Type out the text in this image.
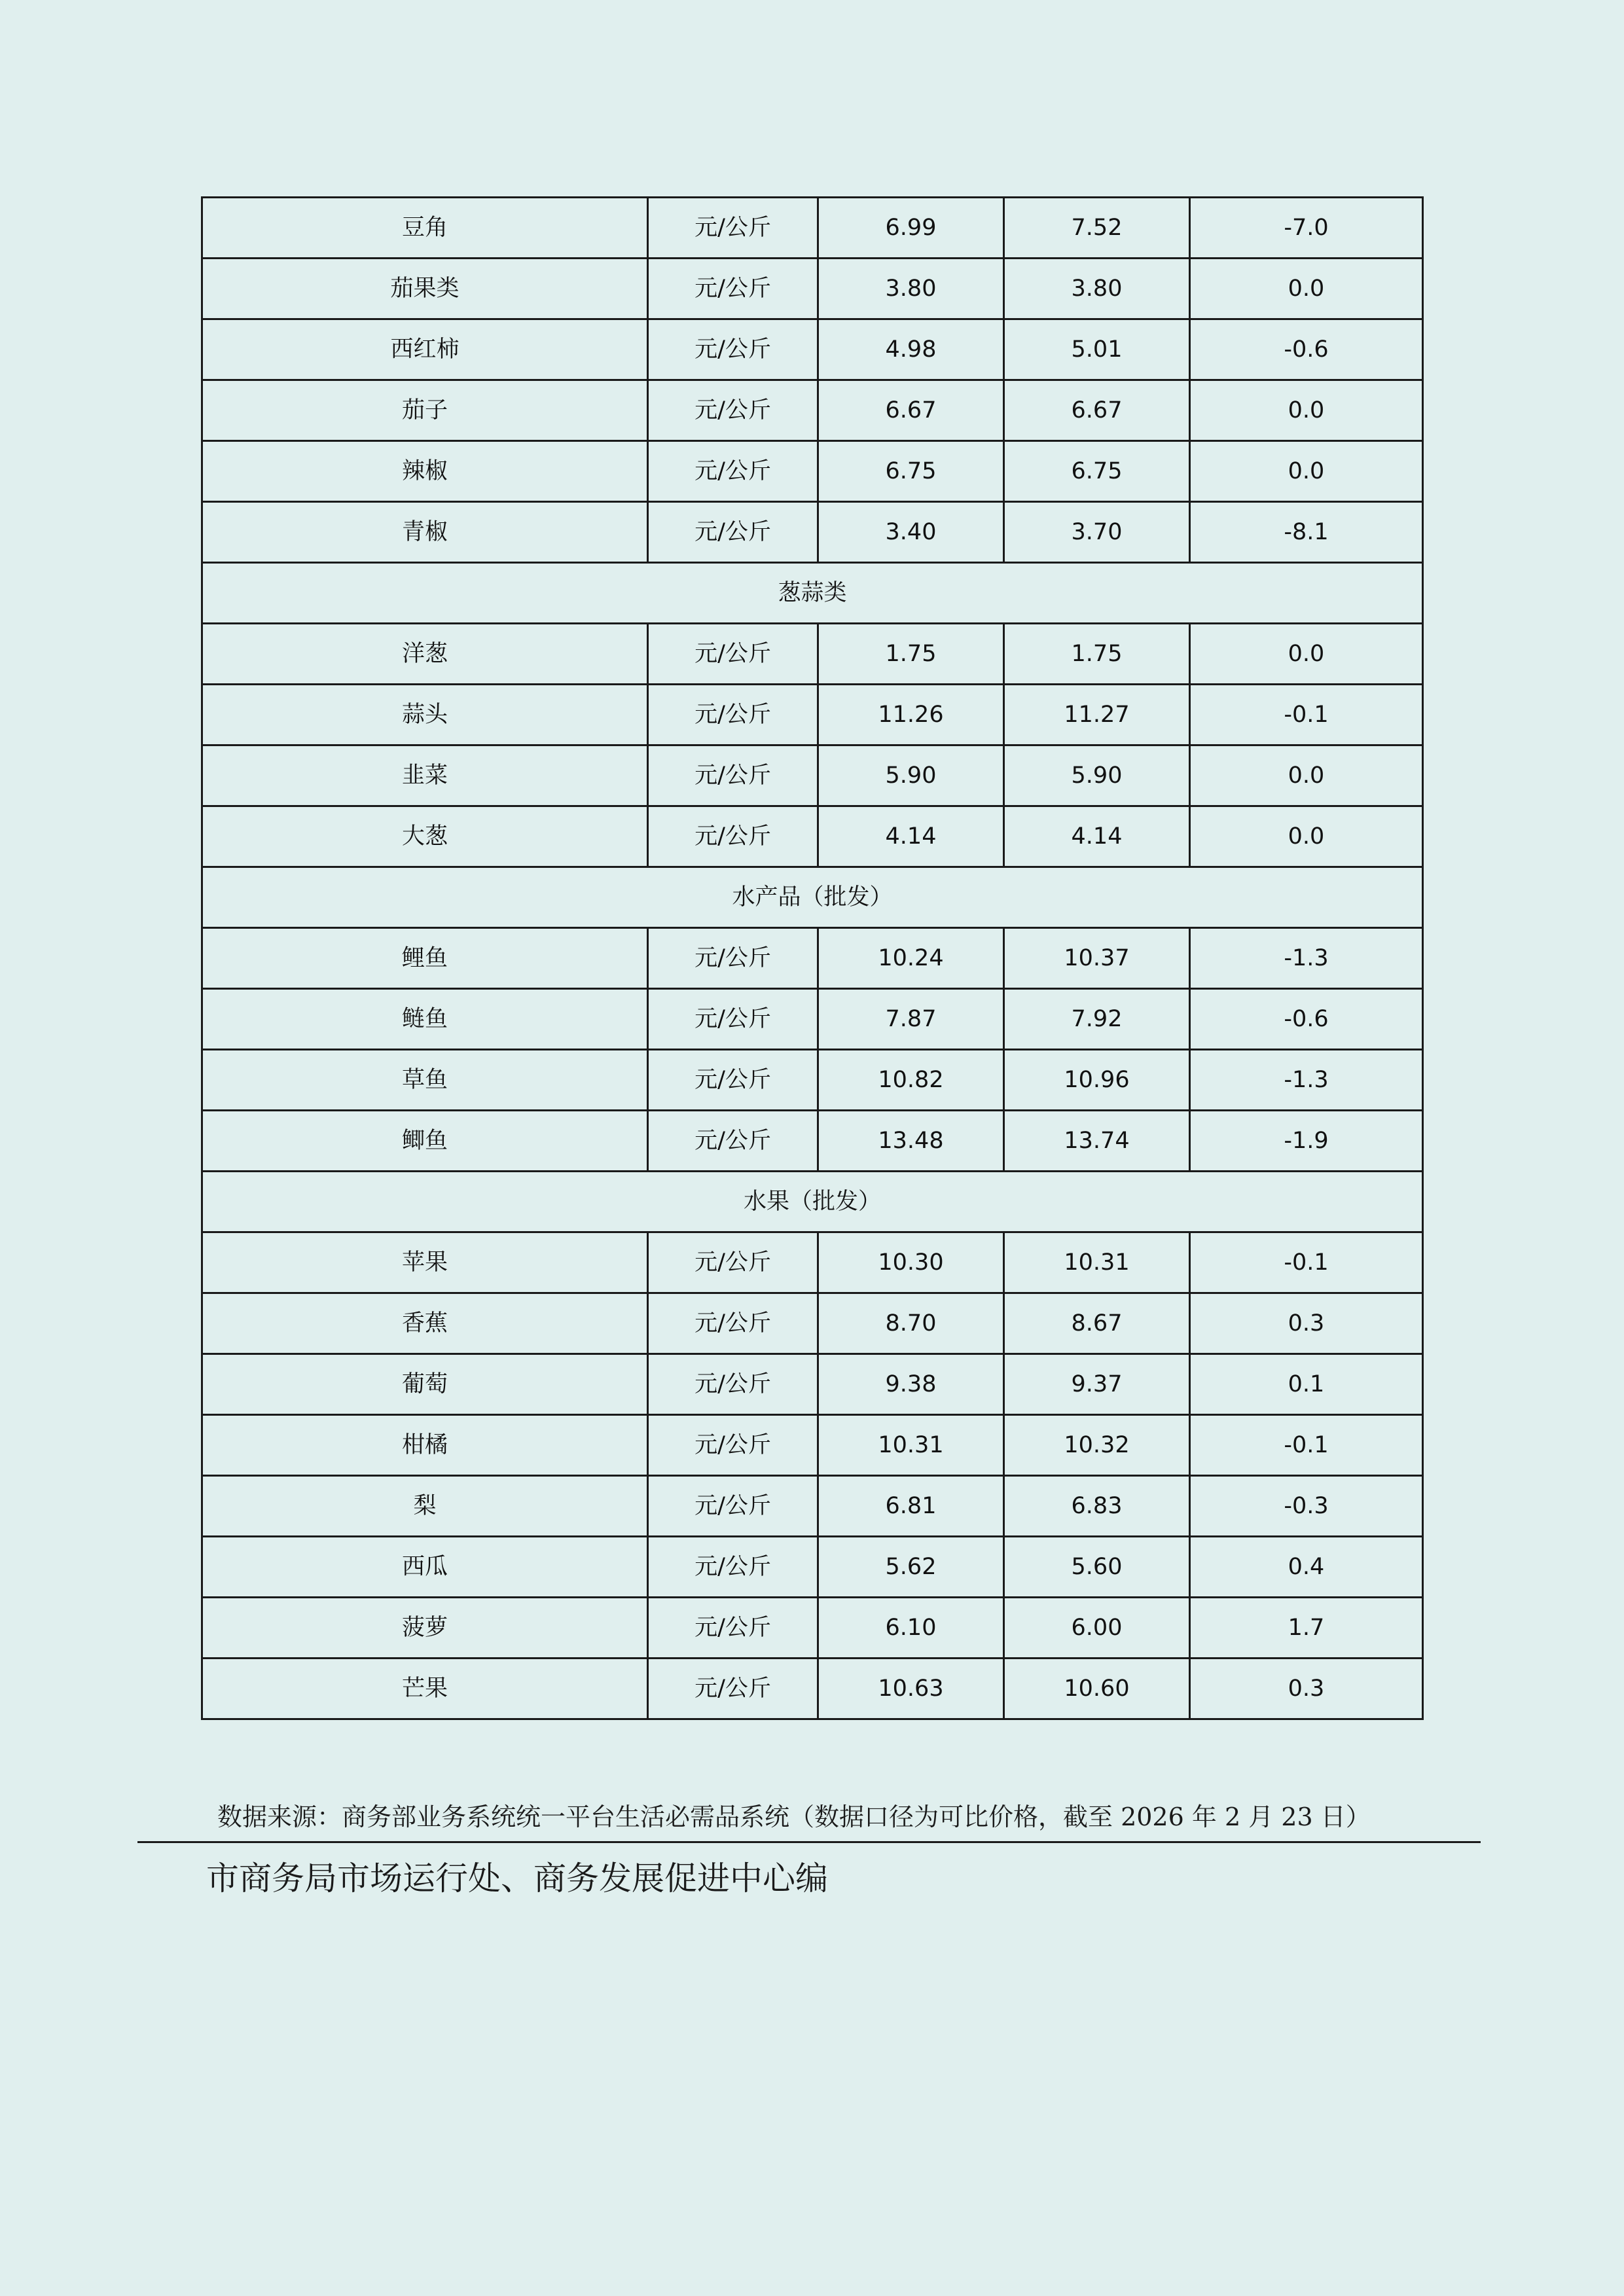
豆角	元/公斤	6.99	7.52	-7.0
茄果类	元/公斤	3.80	3.80	0.0
西红柿	元/公斤	4.98	5.01	-0.6
茄子	元/公斤	6.67	6.67	0.0
辣椒	元/公斤	6.75	6.75	0.0
青椒	元/公斤	3.40	3.70	-8.1
葱蒜类				
洋葱	元/公斤	1.75	1.75	0.0
蒜头	元/公斤	11.26	11.27	-0.1
韭菜	元/公斤	5.90	5.90	0.0
大葱	元/公斤	4.14	4.14	0.0
水产品（批发）				
鲤鱼	元/公斤	10.24	10.37	-1.3
鲢鱼	元/公斤	7.87	7.92	-0.6
草鱼	元/公斤	10.82	10.96	-1.3
鲫鱼	元/公斤	13.48	13.74	-1.9
水果（批发）				
苹果	元/公斤	10.30	10.31	-0.1
香蕉	元/公斤	8.70	8.67	0.3
葡萄	元/公斤	9.38	9.37	0.1
柑橘	元/公斤	10.31	10.32	-0.1
梨	元/公斤	6.81	6.83	-0.3
西瓜	元/公斤	5.62	5.60	0.4
菠萝	元/公斤	6.10	6.00	1.7
芒果	元/公斤	10.63	10.60	0.3
数据来源：商务部业务系统统一平台生活必需品系统（数据口径为可比价格，截至 2026 年 2 月 23 日）
市商务局市场运行处、商务发展促进中心编
